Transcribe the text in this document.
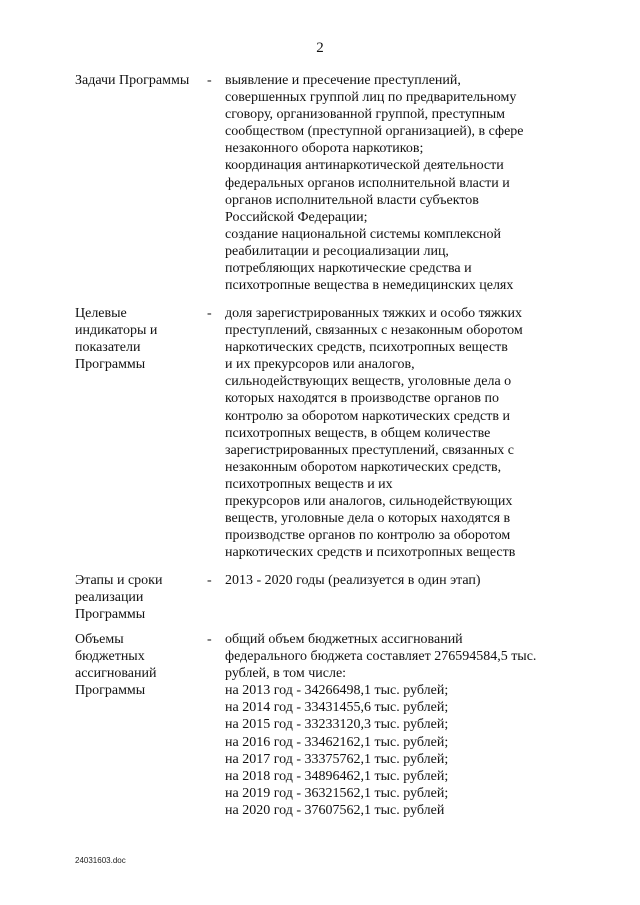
2
Задачи Программы	- выявление и пресечение преступлений,
совершенных группой лиц по предварительному
сговору, организованной группой, преступным
сообществом (преступной организацией), в сфере
незаконного оборота наркотиков;
координация антинаркотической деятельности
федеральных органов исполнительной власти и
органов исполнительной власти субъектов
Российской Федерации;
создание национальной системы комплексной
реабилитации и ресоциализации лиц,
потребляющих наркотические средства и
психотропные вещества в немедицинских целях
Целевые
индикаторы и
показатели
Программы
- доля зарегистрированных тяжких и особо тяжких
преступлений, связанных с незаконным оборотом
наркотических средств, психотропных веществ
и их прекурсоров или аналогов,
сильнодействующих веществ, уголовные дела о
которых находятся в производстве органов по
контролю за оборотом наркотических средств и
психотропных веществ, в общем количестве
зарегистрированных преступлений, связанных с
незаконным оборотом наркотических средств,
психотропных веществ и их
прекурсоров или аналогов, сильнодействующих
веществ, уголовные дела о которых находятся в
производстве органов по контролю за оборотом
наркотических средств и психотропных веществ
Этапы и сроки
реализации
Программы
- 2013 - 2020 годы (реализуется в один этап)
Объемы
бюджетных
ассигнований
Программы
- общий объем бюджетных ассигнований
федерального бюджета составляет 276594584,5 тыс.
рублей, в том числе:
на 2013 год - 34266498,1 тыс. рублей;
на 2014 год - 33431455,6 тыс. рублей;
на 2015 год - 33233120,3 тыс. рублей;
на 2016 год - 33462162,1 тыс. рублей;
на 2017 год - 33375762,1 тыс. рублей;
на 2018 год - 34896462,1 тыс. рублей;
на 2019 год - 36321562,1 тыс. рублей;
на 2020 год - 37607562,1 тыс. рублей
24031603.doc
